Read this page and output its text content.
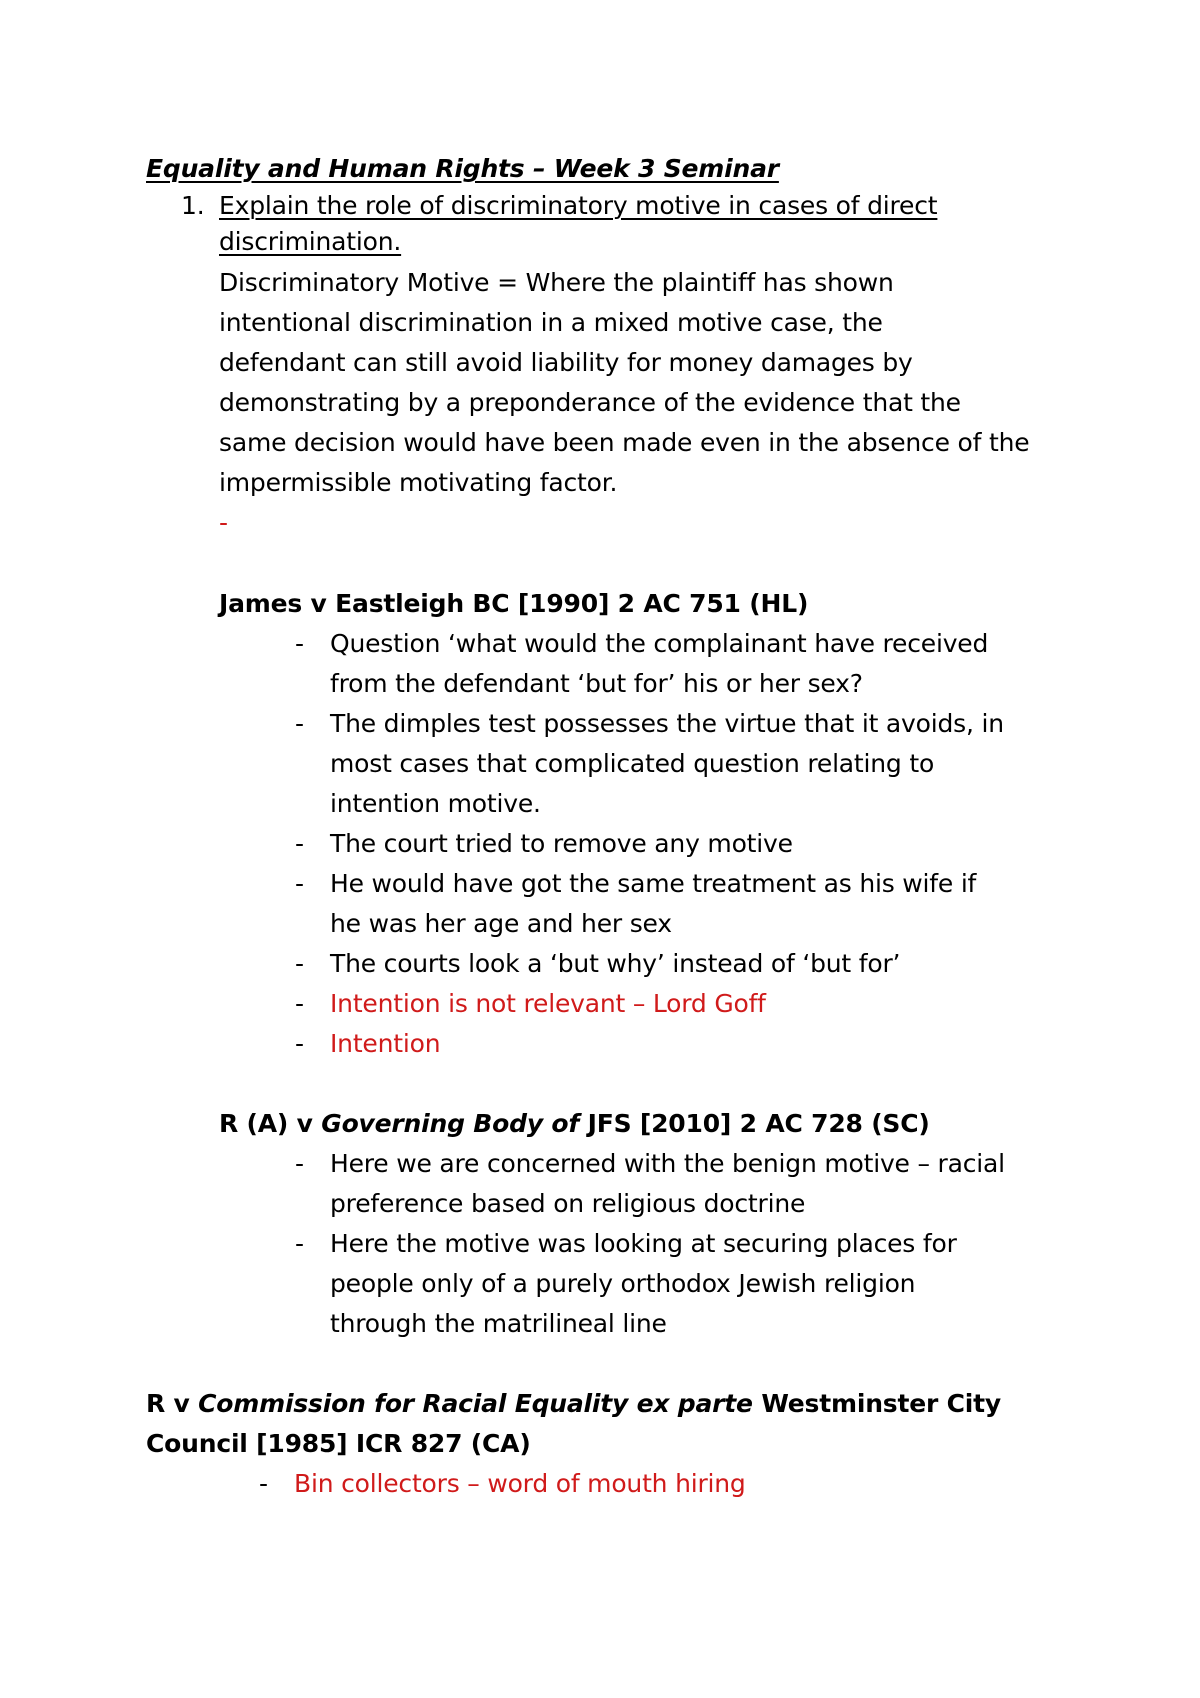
Equality and Human Rights – Week 3 Seminar
1. Explain the role of discriminatory motive in cases of direct
discrimination.
Discriminatory Motive = Where the plaintiff has shown
intentional discrimination in a mixed motive case, the
defendant can still avoid liability for money damages by
demonstrating by a preponderance of the evidence that the
same decision would have been made even in the absence of the
impermissible motivating factor.
-
James v Eastleigh BC [1990] 2 AC 751 (HL)
- Question ‘what would the complainant have received
from the defendant ‘but for’ his or her sex?
- The dimples test possesses the virtue that it avoids, in
most cases that complicated question relating to
intention motive.
- The court tried to remove any motive
- He would have got the same treatment as his wife if
he was her age and her sex
- The courts look a ‘but why’ instead of ‘but for’
- Intention is not relevant – Lord Goff
- Intention
R (A) v Governing Body of JFS [2010] 2 AC 728 (SC)
- Here we are concerned with the benign motive – racial
preference based on religious doctrine
- Here the motive was looking at securing places for
people only of a purely orthodox Jewish religion
through the matrilineal line
R v Commission for Racial Equality ex parte Westminster City
Council [1985] ICR 827 (CA)
- Bin collectors – word of mouth hiring
